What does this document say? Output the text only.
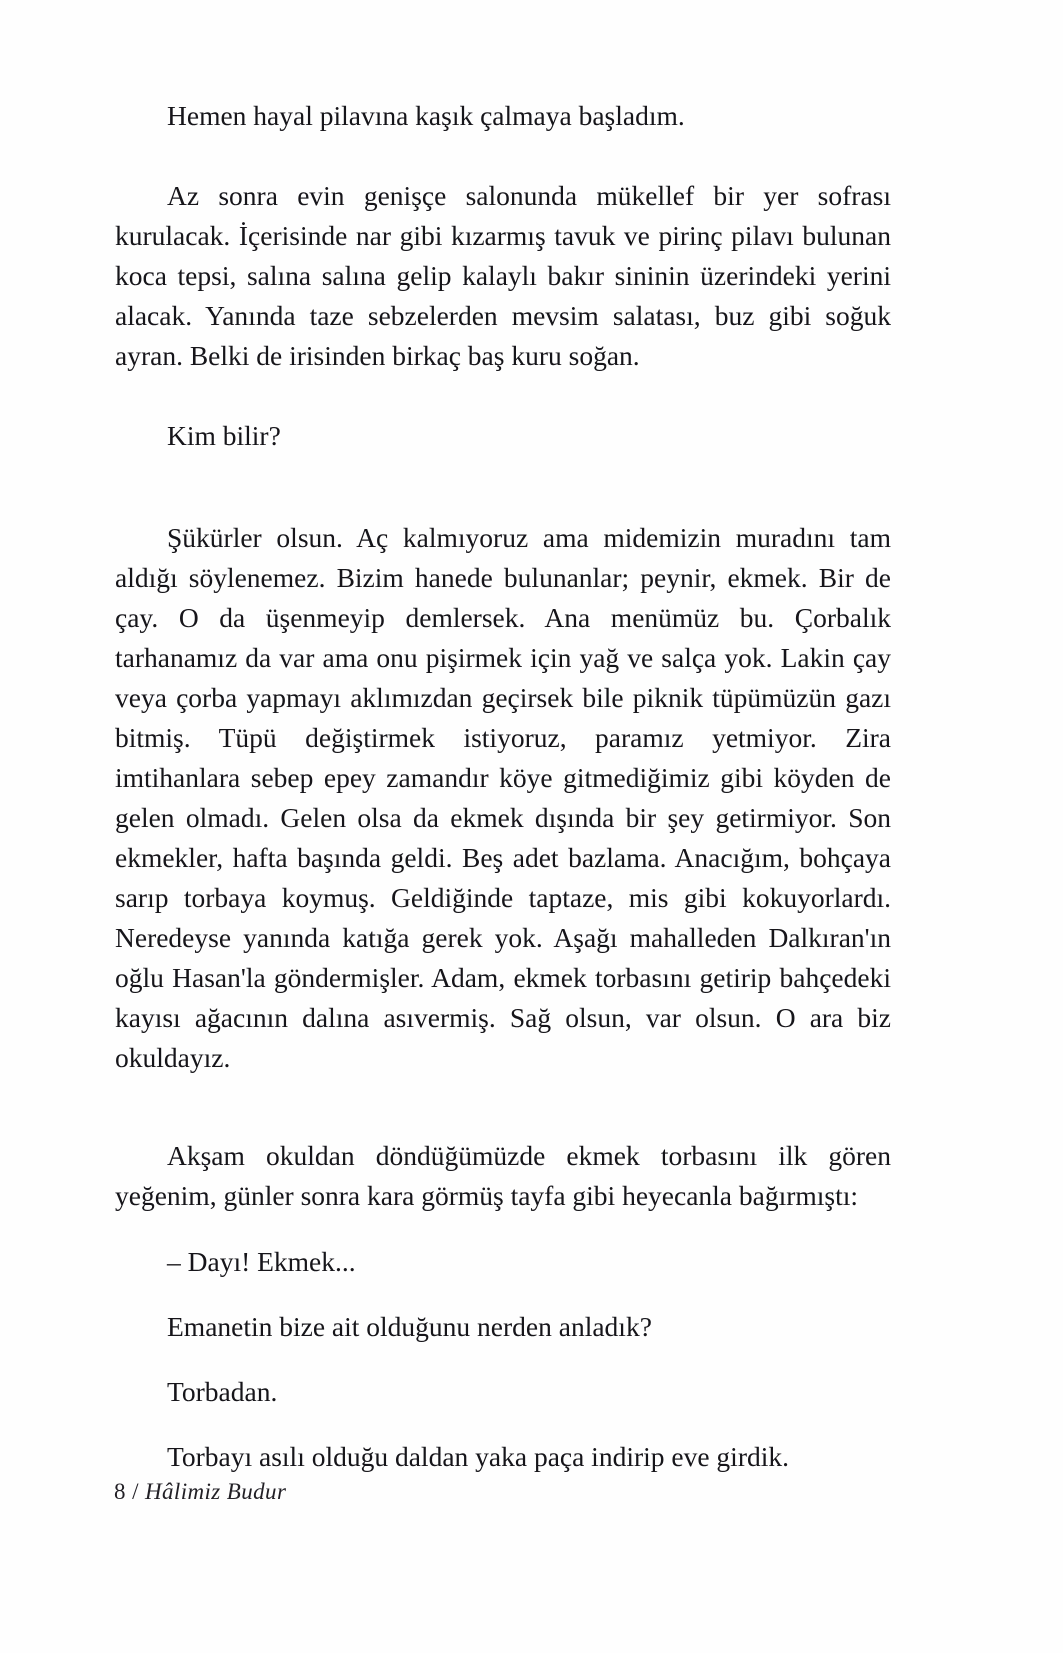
Hemen hayal pilavına kaşık çalmaya başladım.

Az sonra evin genişçe salonunda mükellef bir yer sofrası kurulacak. İçerisinde nar gibi kızarmış tavuk ve pirinç pilavı bulunan koca tepsi, salına salına gelip kalaylı bakır sininin üzerindeki yerini alacak. Yanında taze sebzelerden mevsim salatası, buz gibi soğuk ayran. Belki de irisinden birkaç baş kuru soğan.

Kim bilir?

Şükürler olsun. Aç kalmıyoruz ama midemizin muradını tam aldığı söylenemez. Bizim hanede bulunanlar; peynir, ekmek. Bir de çay. O da üşenmeyip demlersek. Ana menümüz bu. Çorbalık tarhanamız da var ama onu pişirmek için yağ ve salça yok. Lakin çay veya çorba yapmayı aklımızdan geçirsek bile piknik tüpümüzün gazı bitmiş. Tüpü değiştirmek istiyoruz, paramız yetmiyor. Zira imtihanlara sebep epey zamandır köye gitmediğimiz gibi köyden de gelen olmadı. Gelen olsa da ekmek dışında bir şey getirmiyor. Son ekmekler, hafta başında geldi. Beş adet bazlama. Anacığım, bohçaya sarıp torbaya koymuş. Geldiğinde taptaze, mis gibi kokuyorlardı. Neredeyse yanında katığa gerek yok. Aşağı mahalleden Dalkıran'ın oğlu Hasan'la göndermişler. Adam, ekmek torbasını getirip bahçedeki kayısı ağacının dalına asıvermiş. Sağ olsun, var olsun. O ara biz okuldayız.

Akşam okuldan döndüğümüzde ekmek torbasını ilk gören yeğenim, günler sonra kara görmüş tayfa gibi heyecanla bağırmıştı:

– Dayı! Ekmek...

Emanetin bize ait olduğunu nerden anladık?

Torbadan.

Torbayı asılı olduğu daldan yaka paça indirip eve girdik.

8 / Hâlimiz Budur
